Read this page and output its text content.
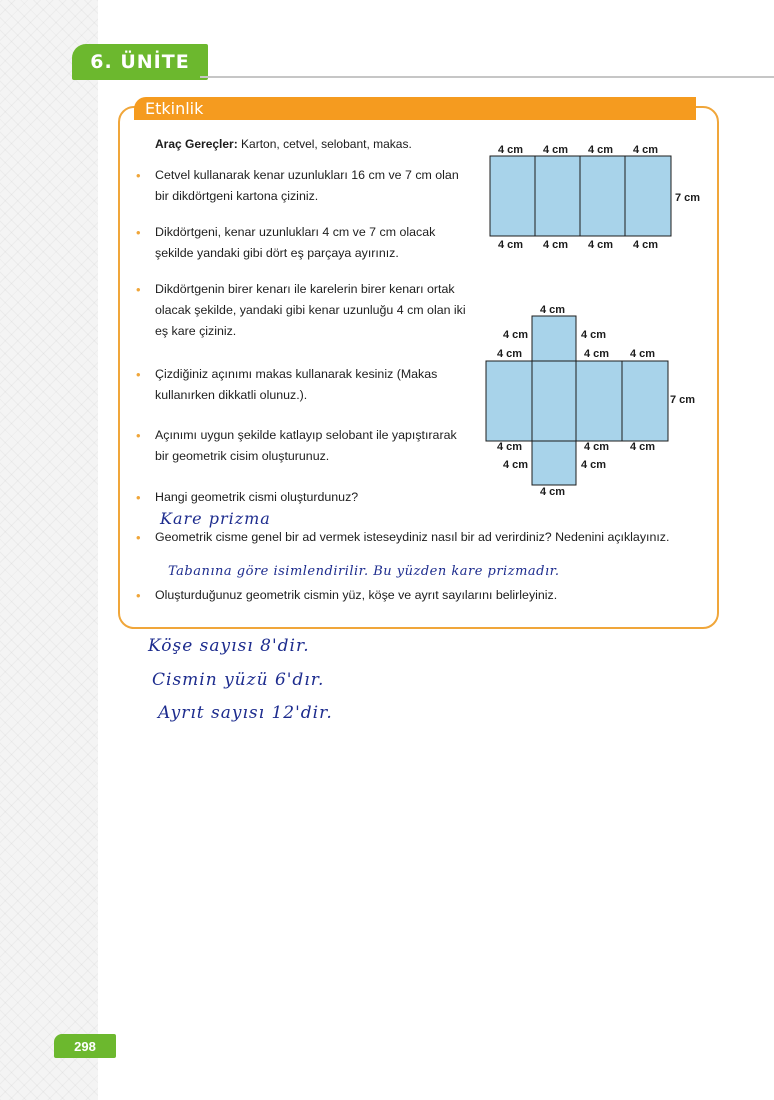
6. ÜNİTE
Etkinlik
Araç Gereçler: Karton, cetvel, selobant, makas.
• Cetvel kullanarak kenar uzunlukları 16 cm ve 7 cm olan bir dikdörtgeni kartona çiziniz.
• Dikdörtgeni, kenar uzunlukları 4 cm ve 7 cm olacak şekilde yandaki gibi dört eş parçaya ayırınız.
• Dikdörtgenin birer kenarı ile karelerin birer kenarı ortak olacak şekilde, yandaki gibi kenar uzunluğu 4 cm olan iki eş kare çiziniz.
• Çizdiğiniz açınımı makas kullanarak kesiniz (Makas kullanırken dikkatli olunuz.).
• Açınımı uygun şekilde katlayıp selobant ile yapıştırarak bir geometrik cisim oluşturunuz.
• Hangi geometrik cismi oluşturdunuz?
• Geometrik cisme genel bir ad vermek isteseydiniz nasıl bir ad verirdiniz? Nedenini açıklayınız.
• Oluşturduğunuz geometrik cismin yüz, köşe ve ayrıt sayılarını belirleyiniz.
Kare prizma
Tabanına göre isimlendirilir. Bu yüzden kare prizmadır.
Köşe sayısı 8'dir.
Cismin yüzü 6'dır.
Ayrıt sayısı 12'dir.
4 cm 4 cm 4 cm 4 cm
4 cm 4 cm 4 cm 4 cm
7 cm
4 cm
4 cm	4 cm
4 cm	4 cm 4 cm
7 cm
4 cm	4 cm 4 cm
4 cm	4 cm
4 cm
298
